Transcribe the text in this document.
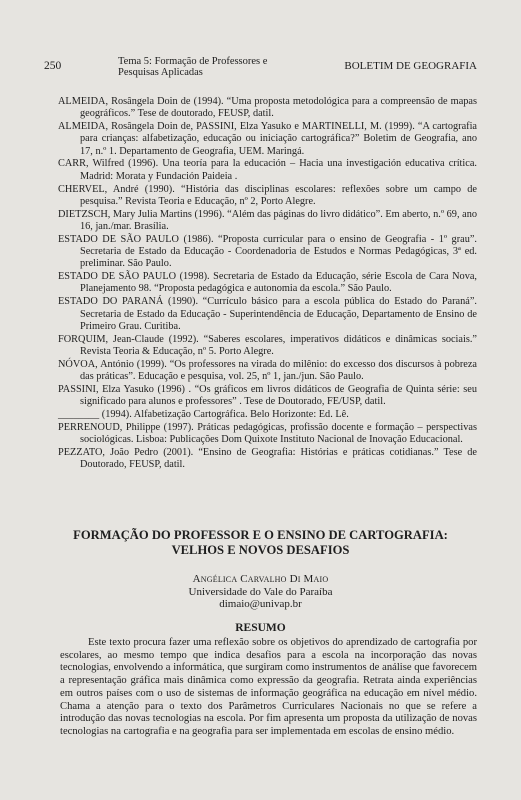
250	Tema 5: Formação de Professores e
Pesquisas Aplicadas
BOLETIM DE GEOGRAFIA

ALMEIDA, Rosângela Doin de (1994). “Uma proposta metodológica para a compreensão de mapas geográficos.” Tese de doutorado, FEUSP, datil.

ALMEIDA, Rosângela Doin de, PASSINI, Elza Yasuko e MARTINELLI, M. (1999). “A cartografia para crianças: alfabetização, educação ou iniciação cartográfica?” Boletim de Geografia, ano 17, n.º 1. Departamento de Geografia, UEM. Maringá.

CARR, Wilfred (1996). Una teoría para la educación – Hacia una investigación educativa crítica. Madrid: Morata y Fundación Paideia .

CHERVEL, André (1990). “História das disciplinas escolares: reflexões sobre um campo de pesquisa.” Revista Teoria e Educação, nº 2, Porto Alegre.

DIETZSCH, Mary Julia Martins (1996). “Além das páginas do livro didático”. Em aberto, n.º 69, ano 16, jan./mar. Brasília.

ESTADO DE SÃO PAULO (1986). “Proposta curricular para o ensino de Geografia - 1º grau”. Secretaria de Estado da Educação - Coordenadoria de Estudos e Normas Pedagógicas, 3ª ed. preliminar. São Paulo.

ESTADO DE SÃO PAULO (1998). Secretaria de Estado da Educação, série Escola de Cara Nova, Planejamento 98. “Proposta pedagógica e autonomia da escola.” São Paulo.

ESTADO DO PARANÁ (1990). “Currículo básico para a escola pública do Estado do Paraná”. Secretaria de Estado da Educação - Superintendência de Educação, Departamento de Ensino de Primeiro Grau. Curitiba.

FORQUIM, Jean-Claude (1992). “Saberes escolares, imperativos didáticos e dinâmicas sociais.” Revista Teoria & Educação, nº 5. Porto Alegre.

NÓVOA, António (1999). “Os professores na virada do milênio: do excesso dos discursos à pobreza das práticas”. Educação e pesquisa, vol. 25, nº 1, jan./jun. São Paulo.

PASSINI, Elza Yasuko (1996) . “Os gráficos em livros didáticos de Geografia de Quinta série: seu significado para alunos e professores” . Tese de Doutorado, FE/USP, datil.

________ (1994). Alfabetização Cartográfica. Belo Horizonte: Ed. Lê.

PERRENOUD, Philippe (1997). Práticas pedagógicas, profissão docente e formação – perspectivas sociológicas. Lisboa: Publicações Dom Quixote Instituto Nacional de Inovação Educacional.

PEZZATO, João Pedro (2001). “Ensino de Geografia: Histórias e práticas cotidianas.” Tese de Doutorado, FEUSP, datil.

FORMAÇÃO DO PROFESSOR E O ENSINO DE CARTOGRAFIA:
VELHOS E NOVOS DESAFIOS
Angélica Carvalho Di Maio
Universidade do Vale do Paraíba
dimaio@univap.br
RESUMO

Este texto procura fazer uma reflexão sobre os objetivos do aprendizado de cartografia por escolares, ao mesmo tempo que indica desafios para a escola na incorporação das novas tecnologias, envolvendo a informática, que surgiram como instrumentos de análise que favorecem a representação gráfica mais dinâmica como expressão da geografia. Retrata ainda experiências em outros países com o uso de sistemas de informação geográfica na educação em nível médio. Chama a atenção para o texto dos Parâmetros Curriculares Nacionais no que se refere a introdução das novas tecnologias na escola. Por fim apresenta um proposta da utilização de novas tecnologias na cartografia e na geografia para ser implementada em escolas de ensino médio.
